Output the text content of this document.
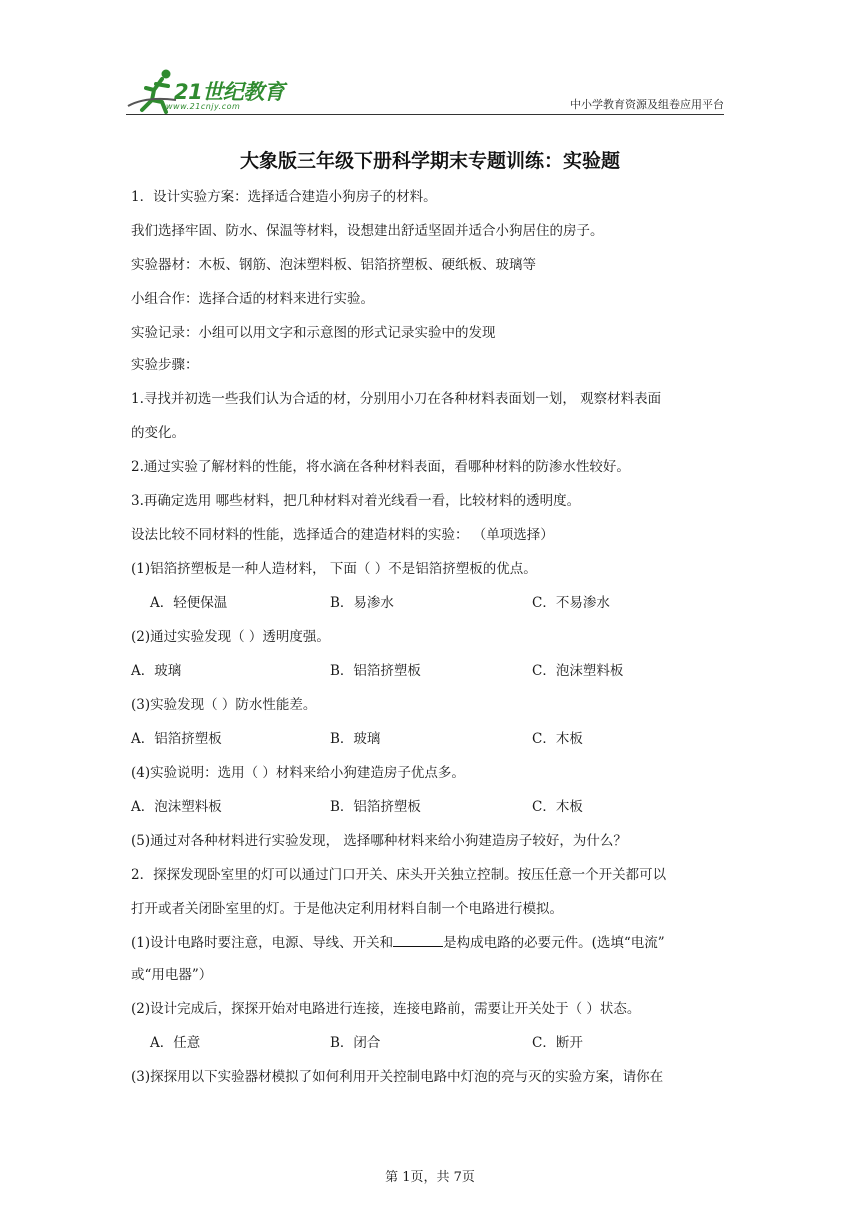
21世纪教育
www.21cnjy.com	中小学教育资源及组卷应用平台
大象版三年级下册科学期末专题训练：实验题
1．设计实验方案：选择适合建造小狗房子的材料。
我们选择牢固、防水、保温等材料，设想建出舒适坚固并适合小狗居住的房子。
实验器材：木板、钢筋、泡沫塑料板、铝箔挤塑板、硬纸板、玻璃等
小组合作：选择合适的材料来进行实验。
实验记录：小组可以用文字和示意图的形式记录实验中的发现
实验步骤：
1.寻找并初选一些我们认为合适的材，分别用小刀在各种材料表面划一划， 观察材料表面
的变化。
2.通过实验了解材料的性能，将水滴在各种材料表面，看哪种材料的防渗水性较好。
3.再确定选用 哪些材料，把几种材料对着光线看一看，比较材料的透明度。
设法比较不同材料的性能，选择适合的建造材料的实验： （单项选择）
(1)铝箔挤塑板是一种人造材料， 下面（ ）不是铝箔挤塑板的优点。
A．轻便保温	B．易渗水	C．不易渗水
(2)通过实验发现（ ）透明度强。
A．玻璃	B．铝箔挤塑板	C．泡沫塑料板
(3)实验发现（ ）防水性能差。
A．铝箔挤塑板	B．玻璃	C．木板
(4)实验说明：选用（ ）材料来给小狗建造房子优点多。
A．泡沫塑料板	B．铝箔挤塑板	C．木板
(5)通过对各种材料进行实验发现， 选择哪种材料来给小狗建造房子较好，为什么？
2．探探发现卧室里的灯可以通过门口开关、床头开关独立控制。按压任意一个开关都可以
打开或者关闭卧室里的灯。于是他决定利用材料自制一个电路进行模拟。
(1)设计电路时要注意，电源、导线、开关和	是构成电路的必要元件。(选填“电流”
或“用电器”）
(2)设计完成后，探探开始对电路进行连接，连接电路前，需要让开关处于（ ）状态。
A．任意	B．闭合	C．断开
(3)探探用以下实验器材模拟了如何利用开关控制电路中灯泡的亮与灭的实验方案，请你在
第 1页，共 7页
